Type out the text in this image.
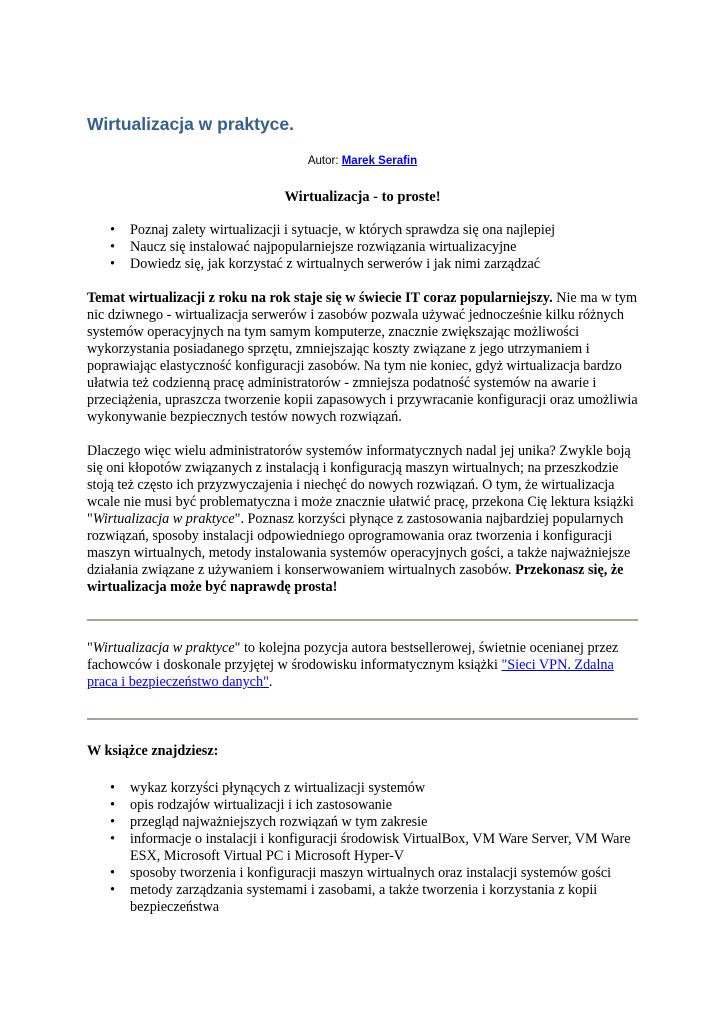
Wirtualizacja w praktyce.
Autor: Marek Serafin
Wirtualizacja - to proste!
• Poznaj zalety wirtualizacji i sytuacje, w których sprawdza się ona najlepiej
• Naucz się instalować najpopularniejsze rozwiązania wirtualizacyjne
• Dowiedz się, jak korzystać z wirtualnych serwerów i jak nimi zarządzać

Temat wirtualizacji z roku na rok staje się w świecie IT coraz popularniejszy. Nie ma w tym nic dziwnego - wirtualizacja serwerów i zasobów pozwala używać jednocześnie kilku różnych systemów operacyjnych na tym samym komputerze, znacznie zwiększając możliwości wykorzystania posiadanego sprzętu, zmniejszając koszty związane z jego utrzymaniem i poprawiając elastyczność konfiguracji zasobów. Na tym nie koniec, gdyż wirtualizacja bardzo ułatwia też codzienną pracę administratorów - zmniejsza podatność systemów na awarie i przeciążenia, upraszcza tworzenie kopii zapasowych i przywracanie konfiguracji oraz umożliwia wykonywanie bezpiecznych testów nowych rozwiązań.

Dlaczego więc wielu administratorów systemów informatycznych nadal jej unika? Zwykle boją się oni kłopotów związanych z instalacją i konfiguracją maszyn wirtualnych; na przeszkodzie stoją też często ich przyzwyczajenia i niechęć do nowych rozwiązań. O tym, że wirtualizacja wcale nie musi być problematyczna i może znacznie ułatwić pracę, przekona Cię lektura książki "Wirtualizacja w praktyce". Poznasz korzyści płynące z zastosowania najbardziej popularnych rozwiązań, sposoby instalacji odpowiedniego oprogramowania oraz tworzenia i konfiguracji maszyn wirtualnych, metody instalowania systemów operacyjnych gości, a także najważniejsze działania związane z używaniem i konserwowaniem wirtualnych zasobów. Przekonasz się, że wirtualizacja może być naprawdę prosta!

"Wirtualizacja w praktyce" to kolejna pozycja autora bestsellerowej, świetnie ocenianej przez fachowców i doskonale przyjętej w środowisku informatycznym książki "Sieci VPN. Zdalna praca i bezpieczeństwo danych".

W książce znajdziesz:
• wykaz korzyści płynących z wirtualizacji systemów
• opis rodzajów wirtualizacji i ich zastosowanie
• przegląd najważniejszych rozwiązań w tym zakresie
• informacje o instalacji i konfiguracji środowisk VirtualBox, VM Ware Server, VM Ware ESX, Microsoft Virtual PC i Microsoft Hyper-V
• sposoby tworzenia i konfiguracji maszyn wirtualnych oraz instalacji systemów gości
• metody zarządzania systemami i zasobami, a także tworzenia i korzystania z kopii bezpieczeństwa
